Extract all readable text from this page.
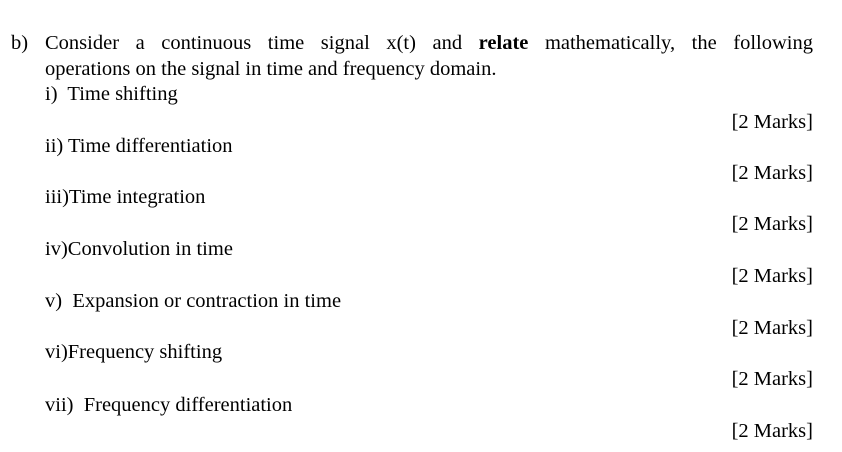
b) Consider a continuous time signal x(t) and relate mathematically, the following
operations on the signal in time and frequency domain.
i)  Time shifting
[2 Marks]
ii) Time differentiation
[2 Marks]
iii)Time integration
[2 Marks]
iv)Convolution in time
[2 Marks]
v)  Expansion or contraction in time
[2 Marks]
vi)Frequency shifting
[2 Marks]
vii)  Frequency differentiation
[2 Marks]
